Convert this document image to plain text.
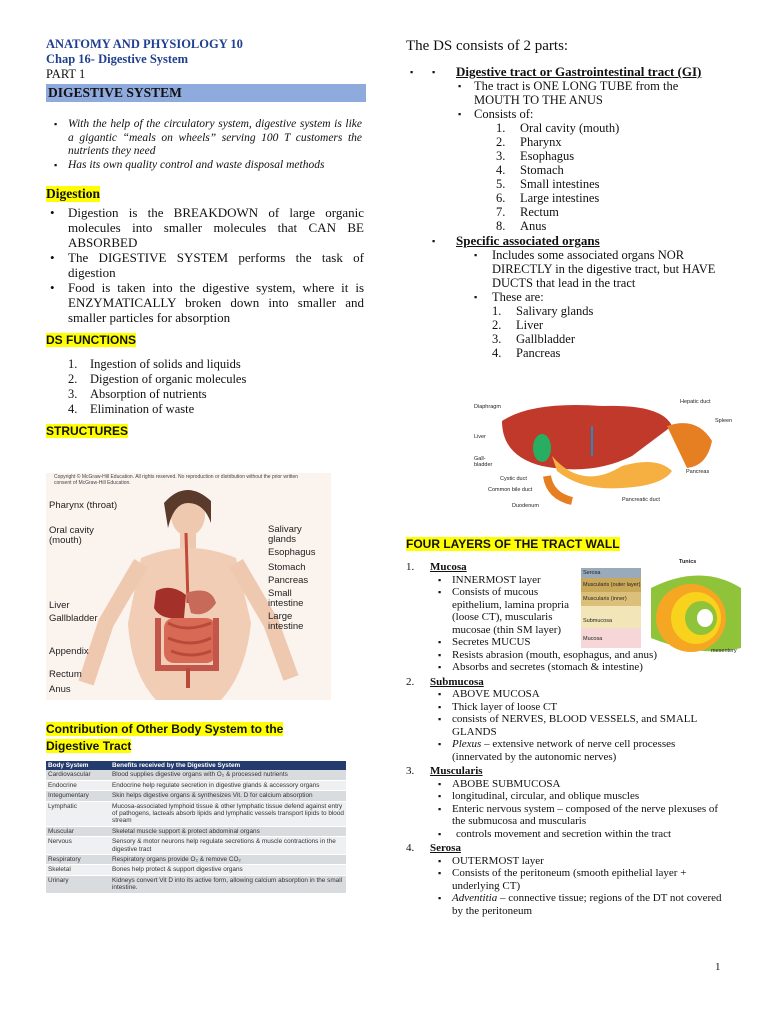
ANATOMY AND PHYSIOLOGY 10
Chap 16- Digestive System
PART 1
DIGESTIVE SYSTEM
▪ With the help of the circulatory system, digestive system is like a gigantic “meals on wheels” serving 100 T customers the nutrients they need
▪ Has its own quality control and waste disposal methods
Digestion
• Digestion is the BREAKDOWN of large organic molecules into smaller molecules that CAN BE ABSORBED
• The DIGESTIVE SYSTEM performs the task of digestion
• Food is taken into the digestive system, where it is ENZYMATICALLY broken down into smaller and smaller particles for absorption
DS FUNCTIONS
1.	Ingestion of solids and liquids
2.	Digestion of organic molecules
3.	Absorption of nutrients
4.	Elimination of waste
STRUCTURES
Copyright © McGraw-Hill Education. All rights reserved. No reproduction or distribution without the prior written consent of McGraw-Hill Education.
Pharynx (throat)
Oral cavity (mouth)
Liver
Gallbladder
Appendix
Rectum
Anus
Salivary glands
Esophagus
Stomach
Pancreas
Small intestine
Large intestine
Contribution of Other Body System to the Digestive Tract
Body System	Benefits received by the Digestive System
Cardiovascular	Blood supplies digestive organs with O₂ & processed nutrients
Endocrine	Endocrine help regulate secretion in digestive glands & accessory organs
Integumentary	Skin helps digestive organs & synthesizes Vit. D for calcium absorption
Lymphatic	Mucosa-associated lymphoid tissue & other lymphatic tissue defend against entry of pathogens, lacteals absorb lipids and lymphatic vessels transport lipids to blood stream
Muscular	Skeletal muscle support & protect abdominal organs
Nervous	Sensory & motor neurons help regulate secretions & muscle contractions in the digestive tract
Respiratory	Respiratory organs provide O₂ & remove CO₂
Skeletal	Bones help protect & support digestive organs
Urinary	Kidneys convert Vit D into its active form, allowing calcium absorption in the small intestine.
The DS consists of 2 parts:
▪ ▪ Digestive tract or Gastrointestinal tract (GI)
▪ The tract is ONE LONG TUBE from the MOUTH TO THE ANUS
▪ Consists of:
1. Oral cavity (mouth)
2. Pharynx
3. Esophagus
4. Stomach
5. Small intestines
6. Large intestines
7. Rectum
8. Anus
▪ Specific associated organs
▪ Includes some associated organs NOR DIRECTLY in the digestive tract, but HAVE DUCTS that lead in the tract
▪ These are:
1. Salivary glands
2. Liver
3. Gallbladder
4. Pancreas
Diaphragm
Hepatic duct
Spleen
Liver
Gall-bladder
Cystic duct
Pancreas
Common bile duct
Pancreatic duct
Duodenum
FOUR LAYERS OF THE TRACT WALL
Tunics
Serosa
Muscularis (outer layer)
Muscularis (inner)
Submucosa
Mucosa
mesentery
1. Mucosa
▪ INNERMOST layer
▪ Consists of mucous epithelium, lamina propria (loose CT), muscularis mucosae (thin SM layer)
▪ Secretes MUCUS
▪ Resists abrasion (mouth, esophagus, and anus)
▪ Absorbs and secretes (stomach & intestine)
2. Submucosa
▪ ABOVE MUCOSA
▪ Thick layer of loose CT
▪ consists of NERVES, BLOOD VESSELS, and SMALL GLANDS
▪ Plexus – extensive network of nerve cell processes (innervated by the autonomic nerves)
3. Muscularis
▪ ABOBE SUBMUCOSA
▪ longitudinal, circular, and oblique muscles
▪ Enteric nervous system – composed of the nerve plexuses of the submucosa and muscularis
▪ controls movement and secretion within the tract
4. Serosa
▪ OUTERMOST layer
▪ Consists of the peritoneum (smooth epithelial layer + underlying CT)
▪ Adventitia – connective tissue; regions of the DT not covered by the peritoneum
1
